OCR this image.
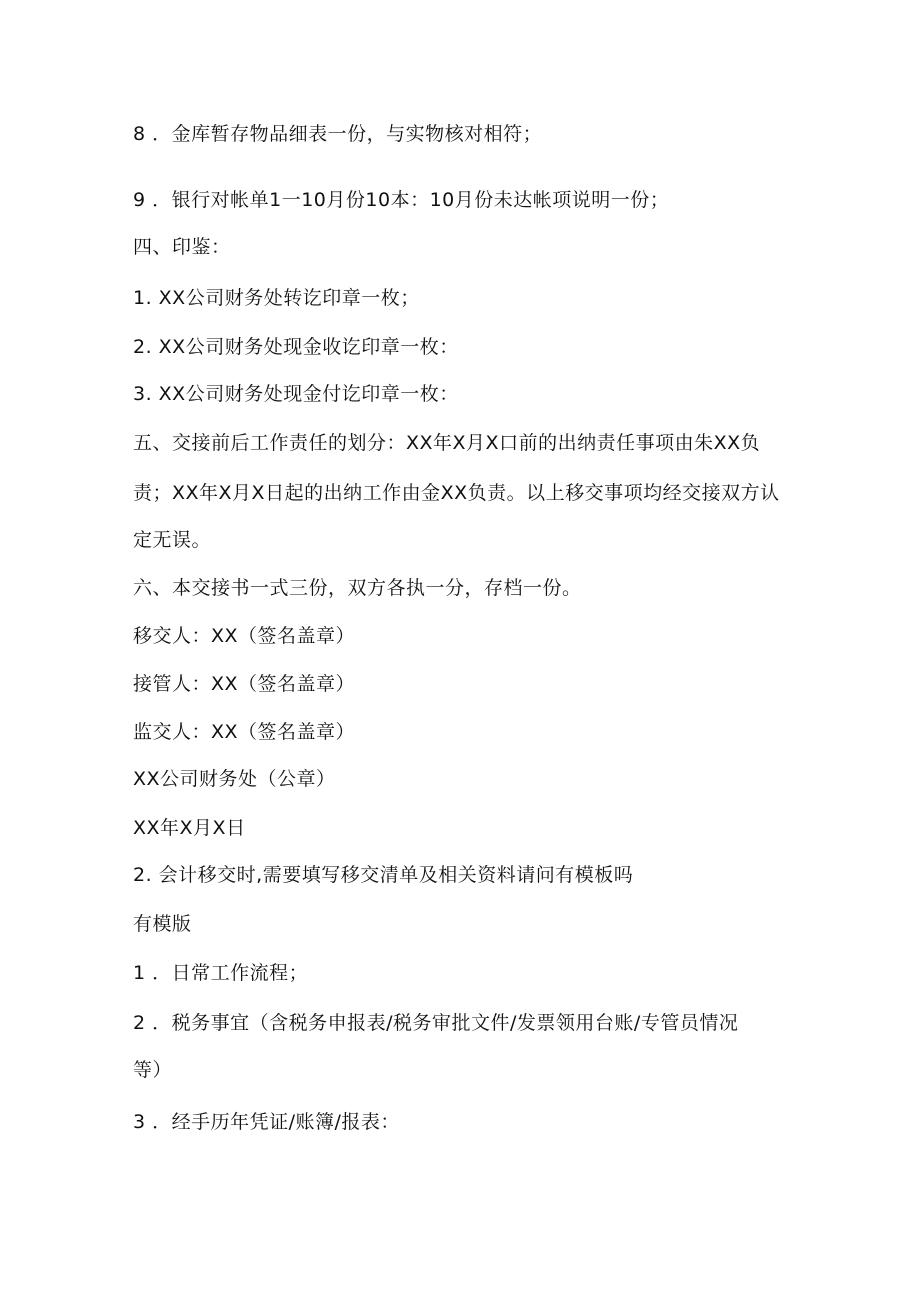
8 ．金库暂存物品细表一份，与实物核对相符；
9 ．银行对帐单1一10月份10本：10月份未达帐项说明一份；
四、印鉴：
1. XX公司财务处转讫印章一枚；
2. XX公司财务处现金收讫印章一枚：
3. XX公司财务处现金付讫印章一枚：
五、交接前后工作责任的划分：XX年X月X口前的出纳责任事项由朱XX负
责；XX年X月X日起的出纳工作由金XX负责。以上移交事项均经交接双方认
定无误。
六、本交接书一式三份，双方各执一分，存档一份。
移交人：XX（签名盖章）
接管人：XX（签名盖章）
监交人：XX（签名盖章）
XX公司财务处（公章）
XX年X月X日
2. 会计移交时,需要填写移交清单及相关资料请问有模板吗
有模版
1 ．日常工作流程；
2 ．税务事宜（含税务申报表/税务审批文件/发票领用台账/专管员情况
等）
3 ．经手历年凭证/账簿/报表：
